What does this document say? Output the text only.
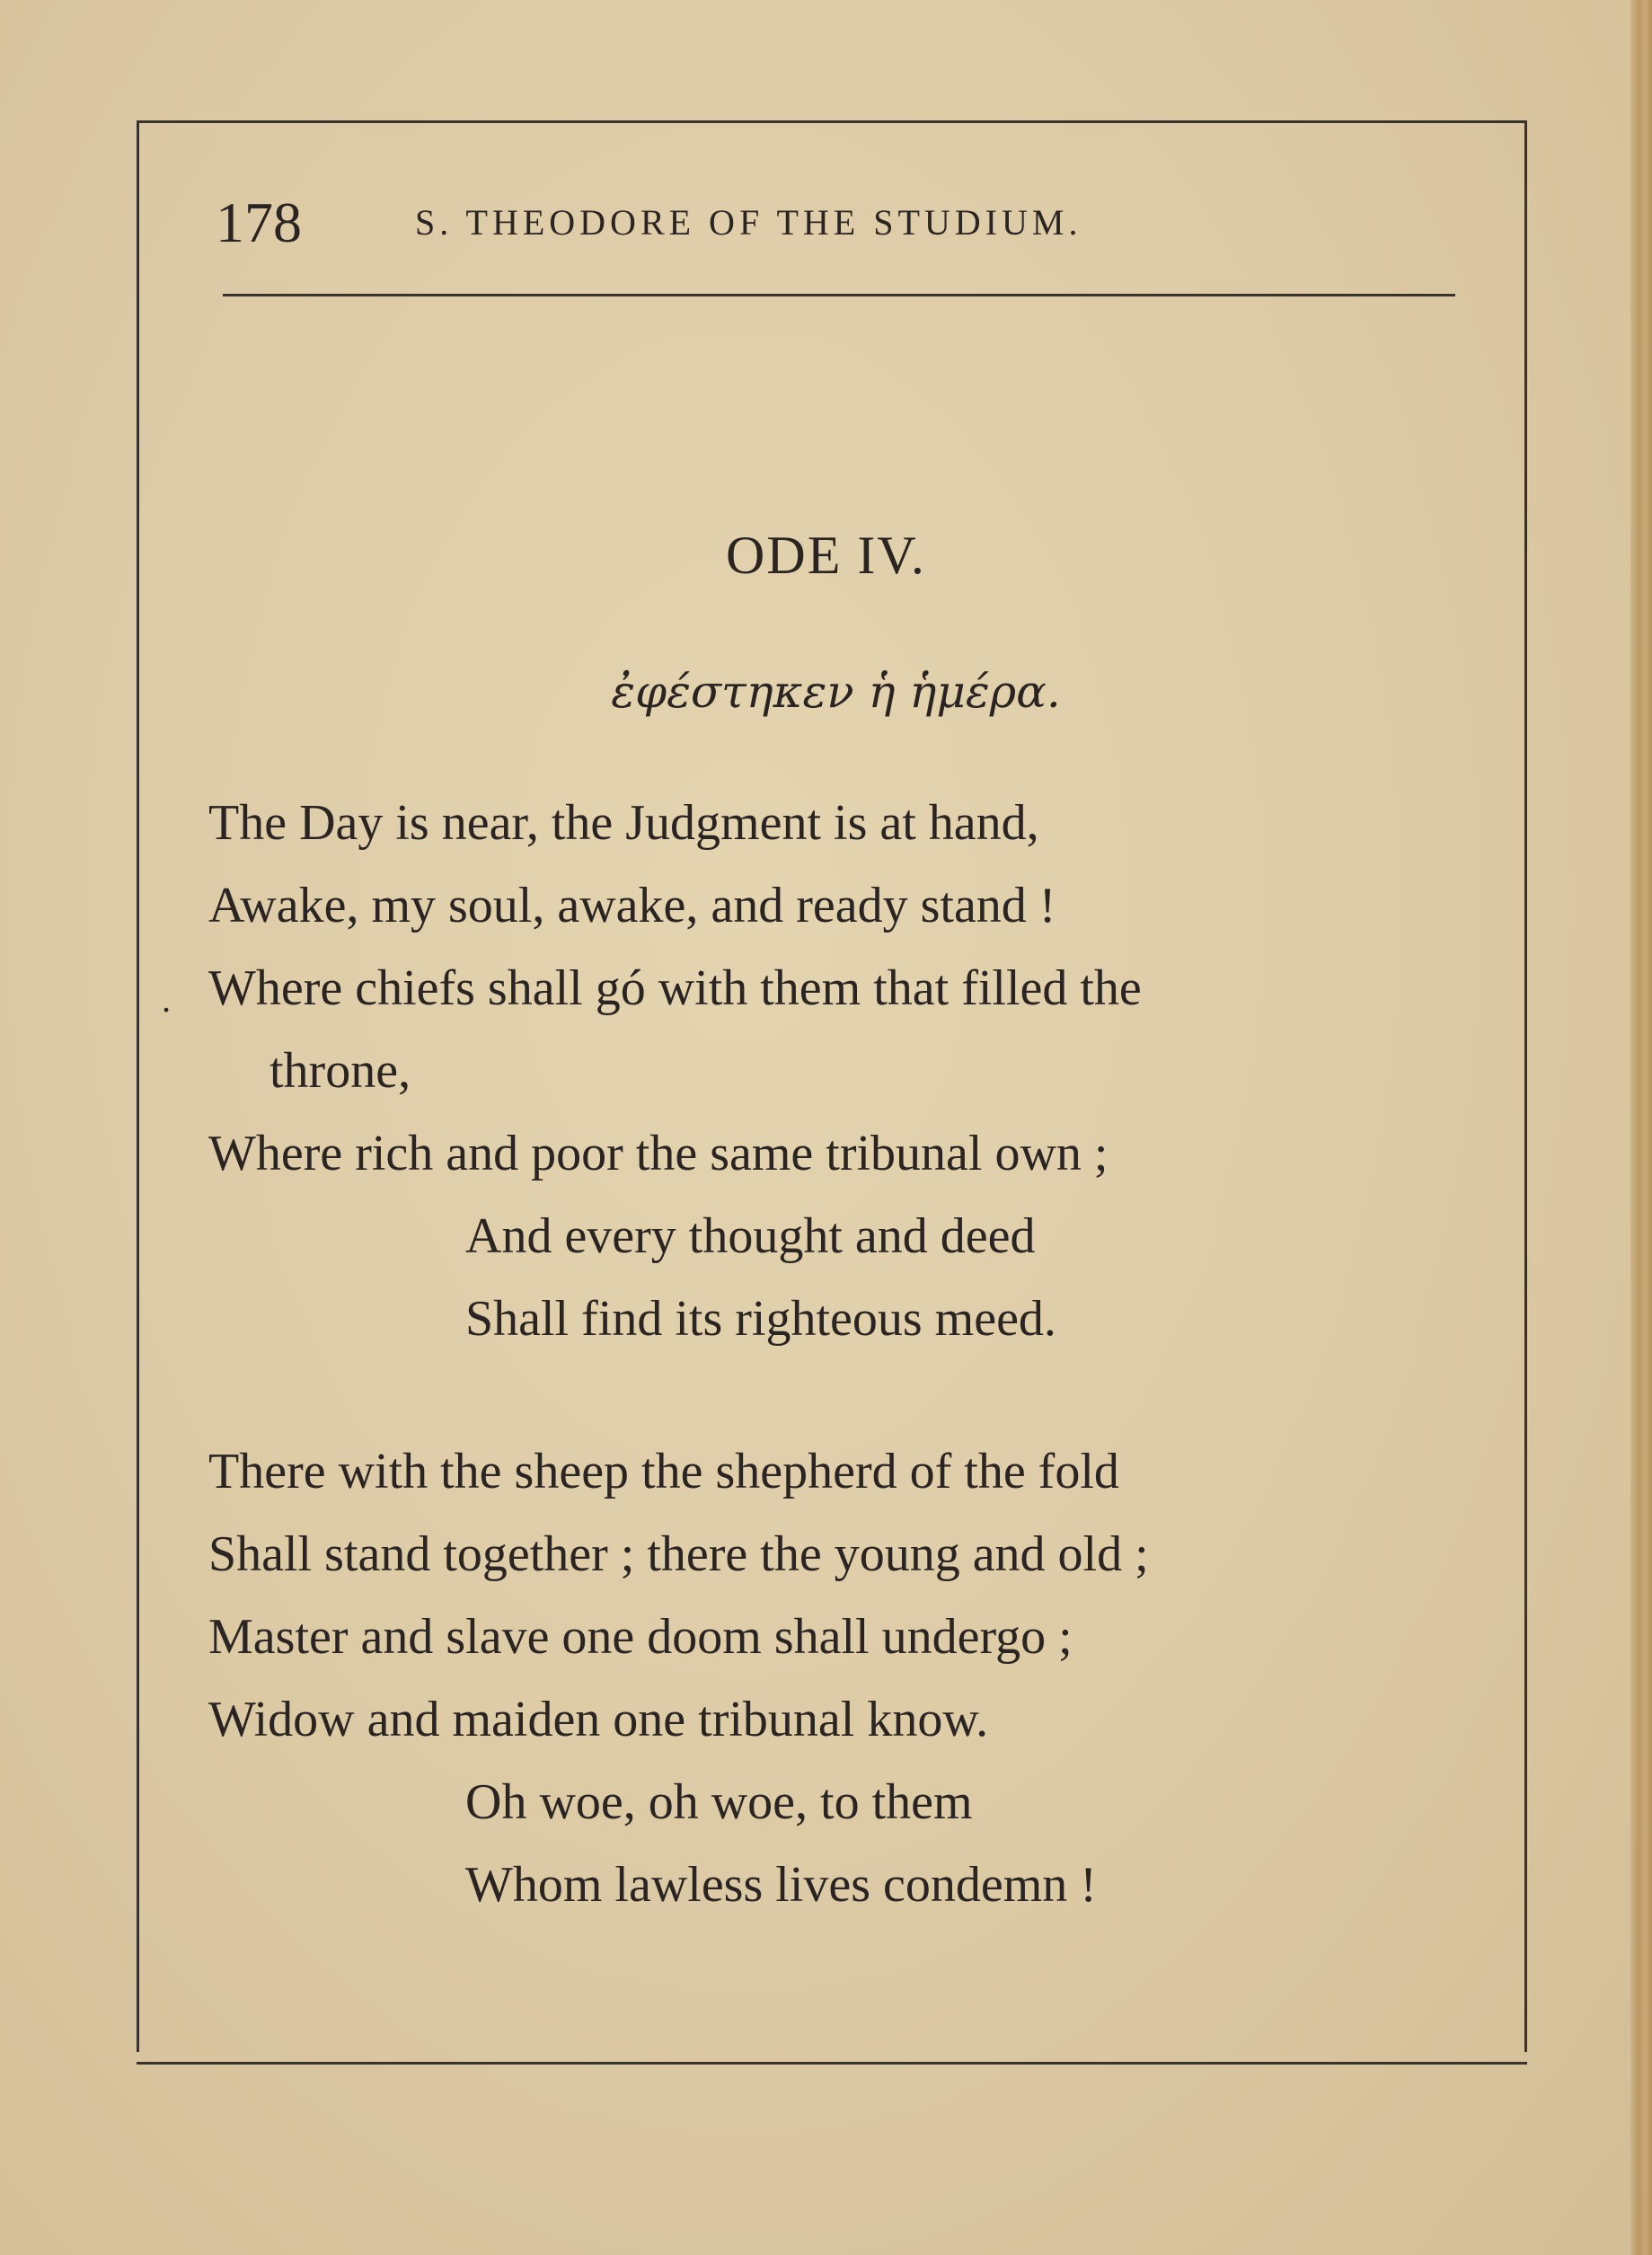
178	S. THEODORE OF THE STUDIUM.
ODE IV.
ἐφέστηκεν ἡ ἡμέρα.
.
The Day is near, the Judgment is at hand,
Awake, my soul, awake, and ready stand !
Where chiefs shall gó with them that filled the
throne,
Where rich and poor the same tribunal own ;
And every thought and deed
Shall find its righteous meed.
There with the sheep the shepherd of the fold
Shall stand together ; there the young and old ;
Master and slave one doom shall undergo ;
Widow and maiden one tribunal know.
Oh woe, oh woe, to them
Whom lawless lives condemn !
